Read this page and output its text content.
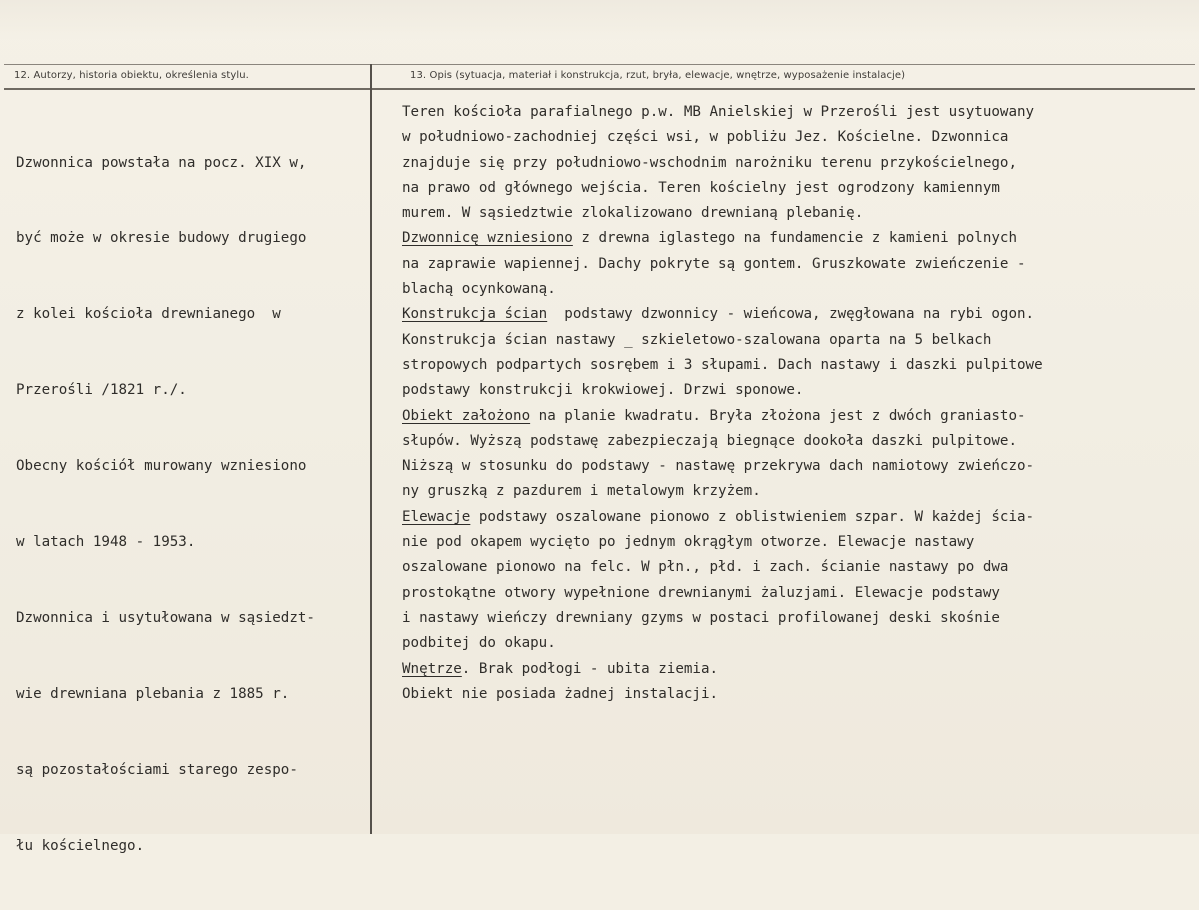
12. Autorzy, historia obiektu, określenia stylu.	13. Opis (sytuacja, materiał i konstrukcja, rzut, bryła, elewacje, wnętrze, wyposażenie instalacje)

Dzwonnica powstała na pocz. XIX w,

być może w okresie budowy drugiego

z kolei kościoła drewnianego  w

Przerośli /1821 r./.

Obecny kościół murowany wzniesiono

w latach 1948 - 1953.

Dzwonnica i usytułowana w sąsiedzt-

wie drewniana plebania z 1885 r.

są pozostałościami starego zespo-

łu kościelnego.

Teren kościoła parafialnego p.w. MB Anielskiej w Przerośli jest usytuowany
w południowo-zachodniej części wsi, w pobliżu Jez. Kościelne. Dzwonnica
znajduje się przy południowo-wschodnim narożniku terenu przykościelnego,
na prawo od głównego wejścia. Teren kościelny jest ogrodzony kamiennym
murem. W sąsiedztwie zlokalizowano drewnianą plebanię.
Dzwonnicę wzniesiono z drewna iglastego na fundamencie z kamieni polnych
na zaprawie wapiennej. Dachy pokryte są gontem. Gruszkowate zwieńczenie -
blachą ocynkowaną.
Konstrukcja ścian  podstawy dzwonnicy - wieńcowa, zwęgłowana na rybi ogon.
Konstrukcja ścian nastawy _ szkieletowo-szalowana oparta na 5 belkach
stropowych podpartych sosrębem i 3 słupami. Dach nastawy i daszki pulpitowe
podstawy konstrukcji krokwiowej. Drzwi sponowe.
Obiekt założono na planie kwadratu. Bryła złożona jest z dwóch graniasto-
słupów. Wyższą podstawę zabezpieczają biegnące dookoła daszki pulpitowe.
Niższą w stosunku do podstawy - nastawę przekrywa dach namiotowy zwieńczo-
ny gruszką z pazdurem i metalowym krzyżem.
Elewacje podstawy oszalowane pionowo z oblistwieniem szpar. W każdej ścia-
nie pod okapem wycięto po jednym okrągłym otworze. Elewacje nastawy
oszalowane pionowo na felc. W płn., płd. i zach. ścianie nastawy po dwa
prostokątne otwory wypełnione drewnianymi żaluzjami. Elewacje podstawy
i nastawy wieńczy drewniany gzyms w postaci profilowanej deski skośnie
podbitej do okapu.
Wnętrze. Brak podłogi - ubita ziemia.
Obiekt nie posiada żadnej instalacji.
